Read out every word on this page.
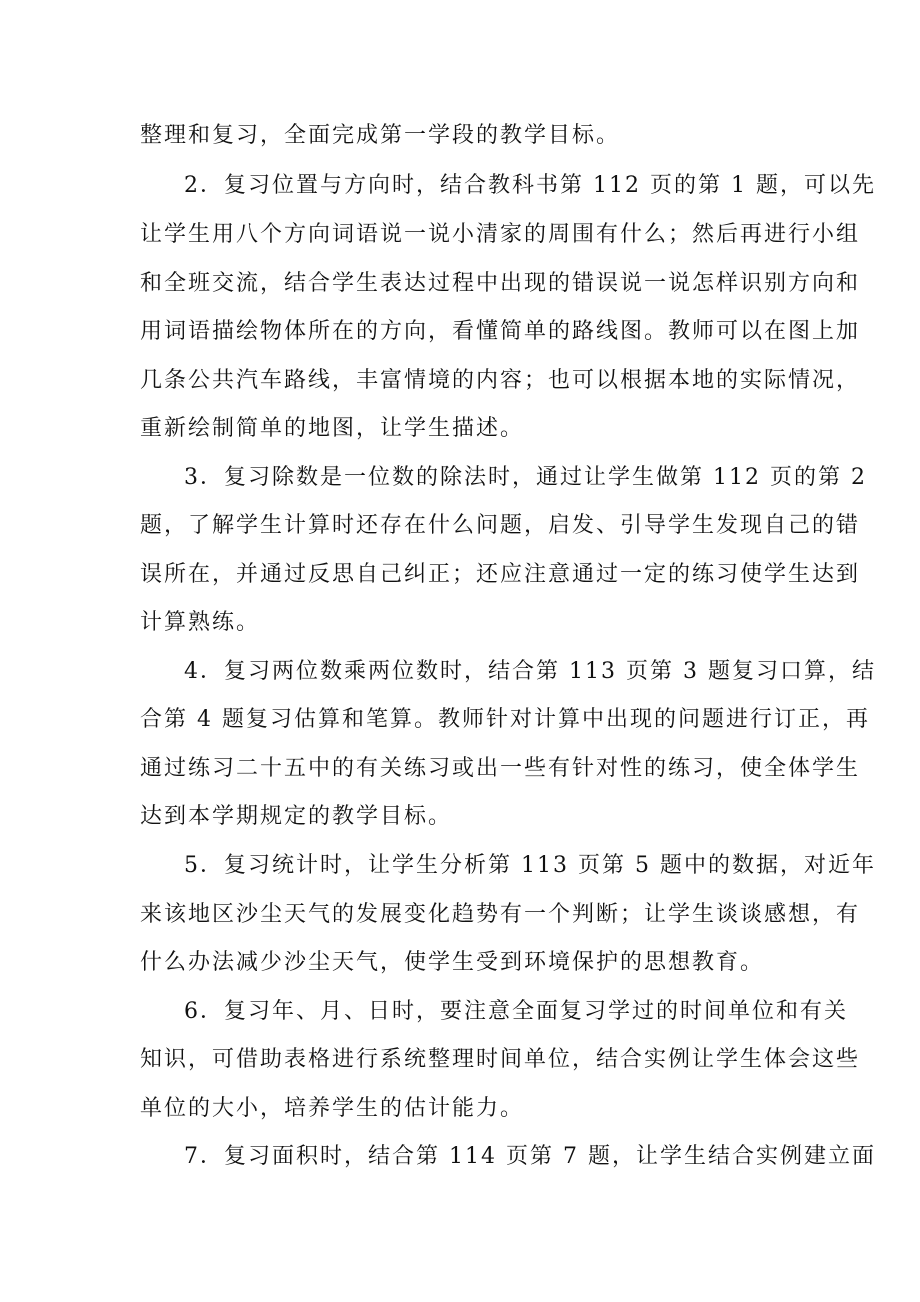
整理和复习，全面完成第一学段的教学目标。

2．复习位置与方向时，结合教科书第 112 页的第 1 题，可以先

让学生用八个方向词语说一说小清家的周围有什么；然后再进行小组

和全班交流，结合学生表达过程中出现的错误说一说怎样识别方向和

用词语描绘物体所在的方向，看懂简单的路线图。教师可以在图上加

几条公共汽车路线，丰富情境的内容；也可以根据本地的实际情况，

重新绘制简单的地图，让学生描述。

3．复习除数是一位数的除法时，通过让学生做第 112 页的第 2

题，了解学生计算时还存在什么问题，启发、引导学生发现自己的错

误所在，并通过反思自己纠正；还应注意通过一定的练习使学生达到

计算熟练。

4．复习两位数乘两位数时，结合第 113 页第 3 题复习口算，结

合第 4 题复习估算和笔算。教师针对计算中出现的问题进行订正，再

通过练习二十五中的有关练习或出一些有针对性的练习，使全体学生

达到本学期规定的教学目标。

5．复习统计时，让学生分析第 113 页第 5 题中的数据，对近年

来该地区沙尘天气的发展变化趋势有一个判断；让学生谈谈感想，有

什么办法减少沙尘天气，使学生受到环境保护的思想教育。

6．复习年、月、日时，要注意全面复习学过的时间单位和有关

知识，可借助表格进行系统整理时间单位，结合实例让学生体会这些

单位的大小，培养学生的估计能力。

7．复习面积时，结合第 114 页第 7 题，让学生结合实例建立面
